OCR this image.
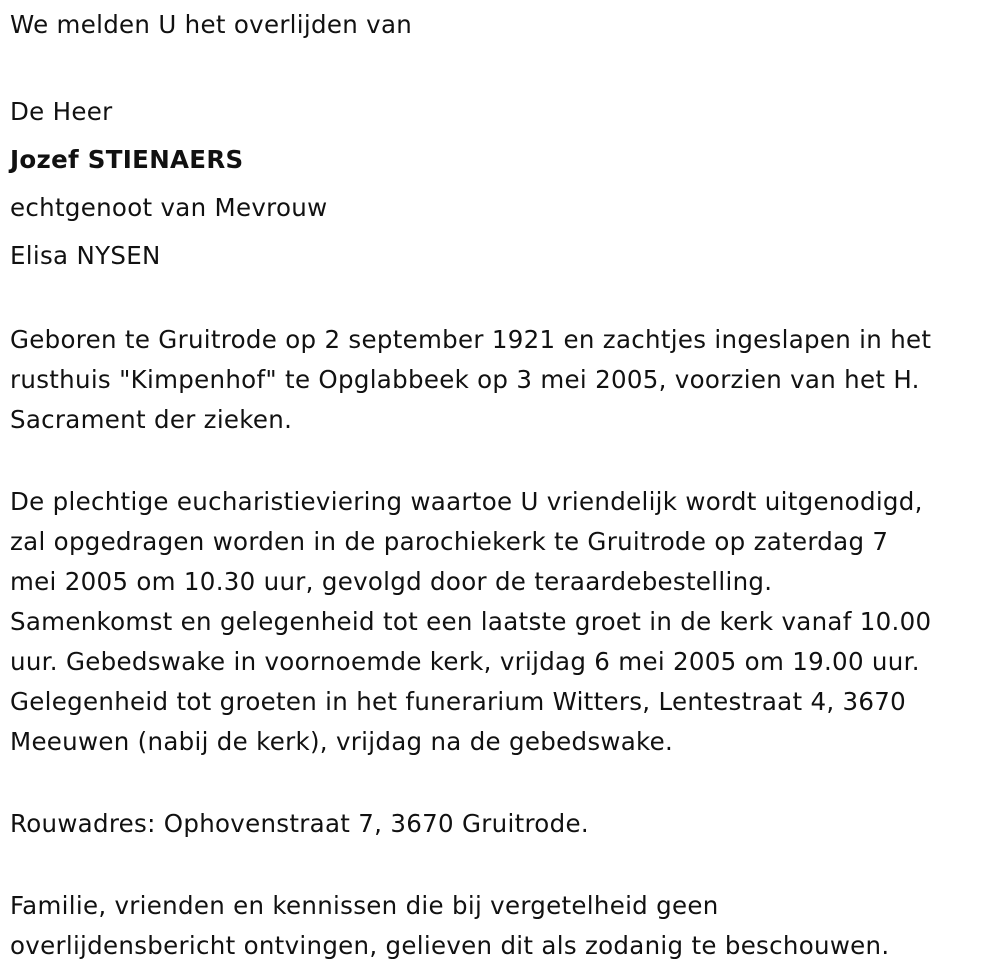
We melden U het overlijden van
De Heer
Jozef STIENAERS
echtgenoot van Mevrouw
Elisa NYSEN
Geboren te Gruitrode op 2 september 1921 en zachtjes ingeslapen in het
rusthuis "Kimpenhof" te Opglabbeek op 3 mei 2005, voorzien van het H.
Sacrament der zieken.
De plechtige eucharistieviering waartoe U vriendelijk wordt uitgenodigd,
zal opgedragen worden in de parochiekerk te Gruitrode op zaterdag 7
mei 2005 om 10.30 uur, gevolgd door de teraardebestelling.
Samenkomst en gelegenheid tot een laatste groet in de kerk vanaf 10.00
uur. Gebedswake in voornoemde kerk, vrijdag 6 mei 2005 om 19.00 uur.
Gelegenheid tot groeten in het funerarium Witters, Lentestraat 4, 3670
Meeuwen (nabij de kerk), vrijdag na de gebedswake.
Rouwadres: Ophovenstraat 7, 3670 Gruitrode.
Familie, vrienden en kennissen die bij vergetelheid geen
overlijdensbericht ontvingen, gelieven dit als zodanig te beschouwen.
